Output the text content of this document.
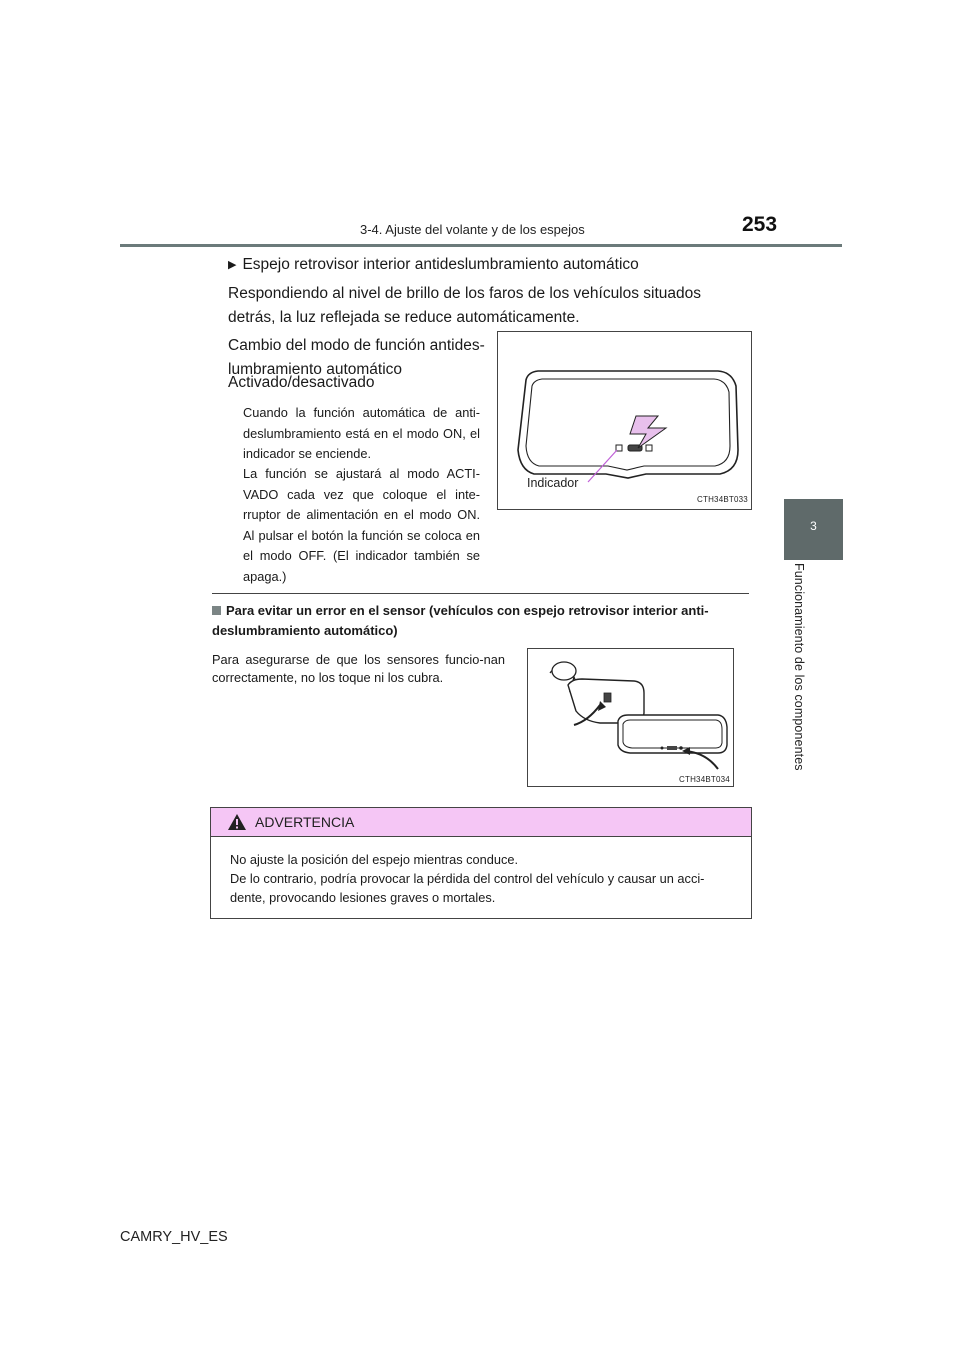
3-4. Ajuste del volante y de los espejos	253
3
Funcionamiento de los componentes
▶ Espejo retrovisor interior antideslumbramiento automático
Respondiendo al nivel de brillo de los faros de los vehículos situados detrás, la luz reflejada se reduce automáticamente.
Cambio del modo de función antides-lumbramiento automático
Activado/desactivado
Cuando la función automática de anti-deslumbramiento está en el modo ON, el indicador se enciende.
La función se ajustará al modo ACTI-VADO cada vez que coloque el inte-rruptor de alimentación en el modo ON. Al pulsar el botón la función se coloca en el modo OFF. (El indicador también se apaga.)
Indicador
CTH34BT033
Para evitar un error en el sensor (vehículos con espejo retrovisor interior anti-deslumbramiento automático)
Para asegurarse de que los sensores funcio-nan correctamente, no los toque ni los cubra.
CTH34BT034
ADVERTENCIA
No ajuste la posición del espejo mientras conduce.
De lo contrario, podría provocar la pérdida del control del vehículo y causar un acci-dente, provocando lesiones graves o mortales.
CAMRY_HV_ES
